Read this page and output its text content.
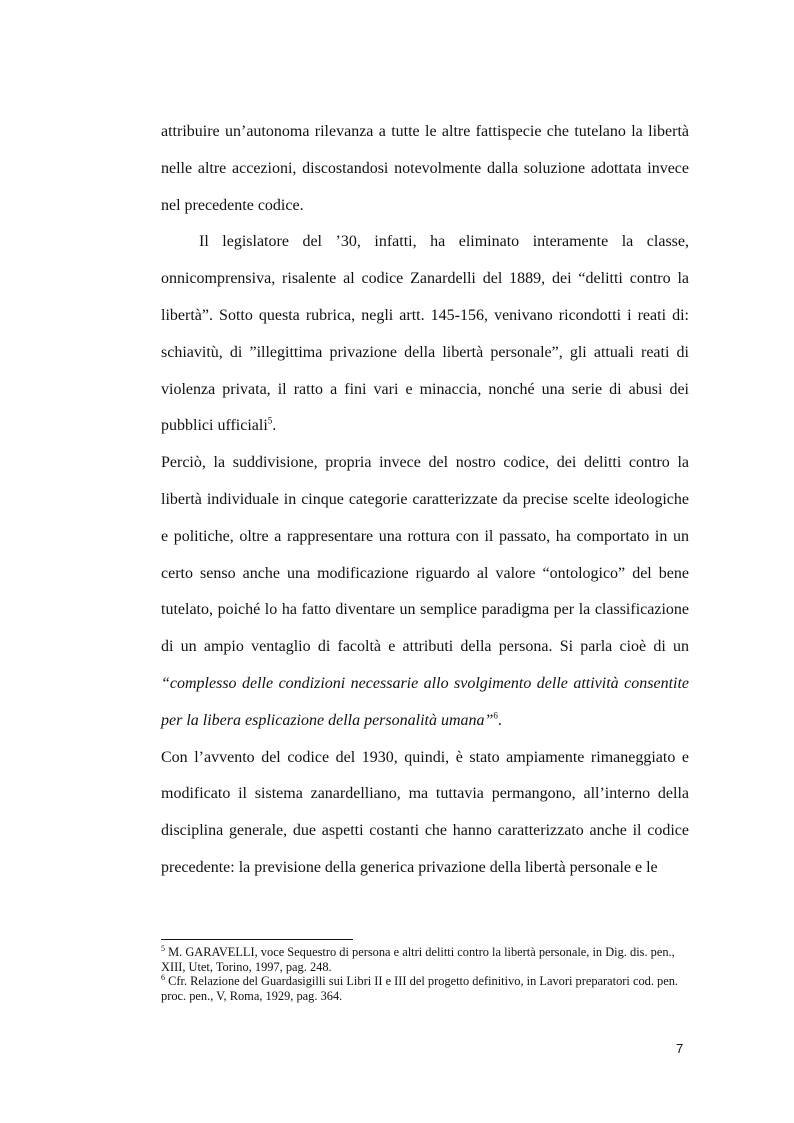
attribuire un’autonoma rilevanza a tutte le altre fattispecie che tutelano la libertà nelle altre accezioni, discostandosi notevolmente dalla soluzione adottata invece nel precedente codice.

Il legislatore del ’30, infatti, ha eliminato interamente la classe, onnicomprensiva, risalente al codice Zanardelli del 1889, dei “delitti contro la libertà”. Sotto questa rubrica, negli artt. 145-156, venivano ricondotti i reati di: schiavitù, di ”illegittima privazione della libertà personale”, gli attuali reati di violenza privata, il ratto a fini vari e minaccia, nonché una serie di abusi dei pubblici ufficiali$^5$.

Perciò, la suddivisione, propria invece del nostro codice, dei delitti contro la libertà individuale in cinque categorie caratterizzate da precise scelte ideologiche e politiche, oltre a rappresentare una rottura con il passato, ha comportato in un certo senso anche una modificazione riguardo al valore “ontologico” del bene tutelato, poiché lo ha fatto diventare un semplice paradigma per la classificazione di un ampio ventaglio di facoltà e attributi della persona. Si parla cioè di un “complesso delle condizioni necessarie allo svolgimento delle attività consentite per la libera esplicazione della personalità umana”$^6$.

Con l’avvento del codice del 1930, quindi, è stato ampiamente rimaneggiato e modificato il sistema zanardelliano, ma tuttavia permangono, all’interno della disciplina generale, due aspetti costanti che hanno caratterizzato anche il codice precedente: la previsione della generica privazione della libertà personale e le

$^5$ M. GARAVELLI, voce Sequestro di persona e altri delitti contro la libertà personale, in Dig. dis. pen., XIII, Utet, Torino, 1997, pag. 248.

$^6$ Cfr. Relazione del Guardasigilli sui Libri II e III del progetto definitivo, in Lavori preparatori cod. pen. proc. pen., V, Roma, 1929, pag. 364.

7
